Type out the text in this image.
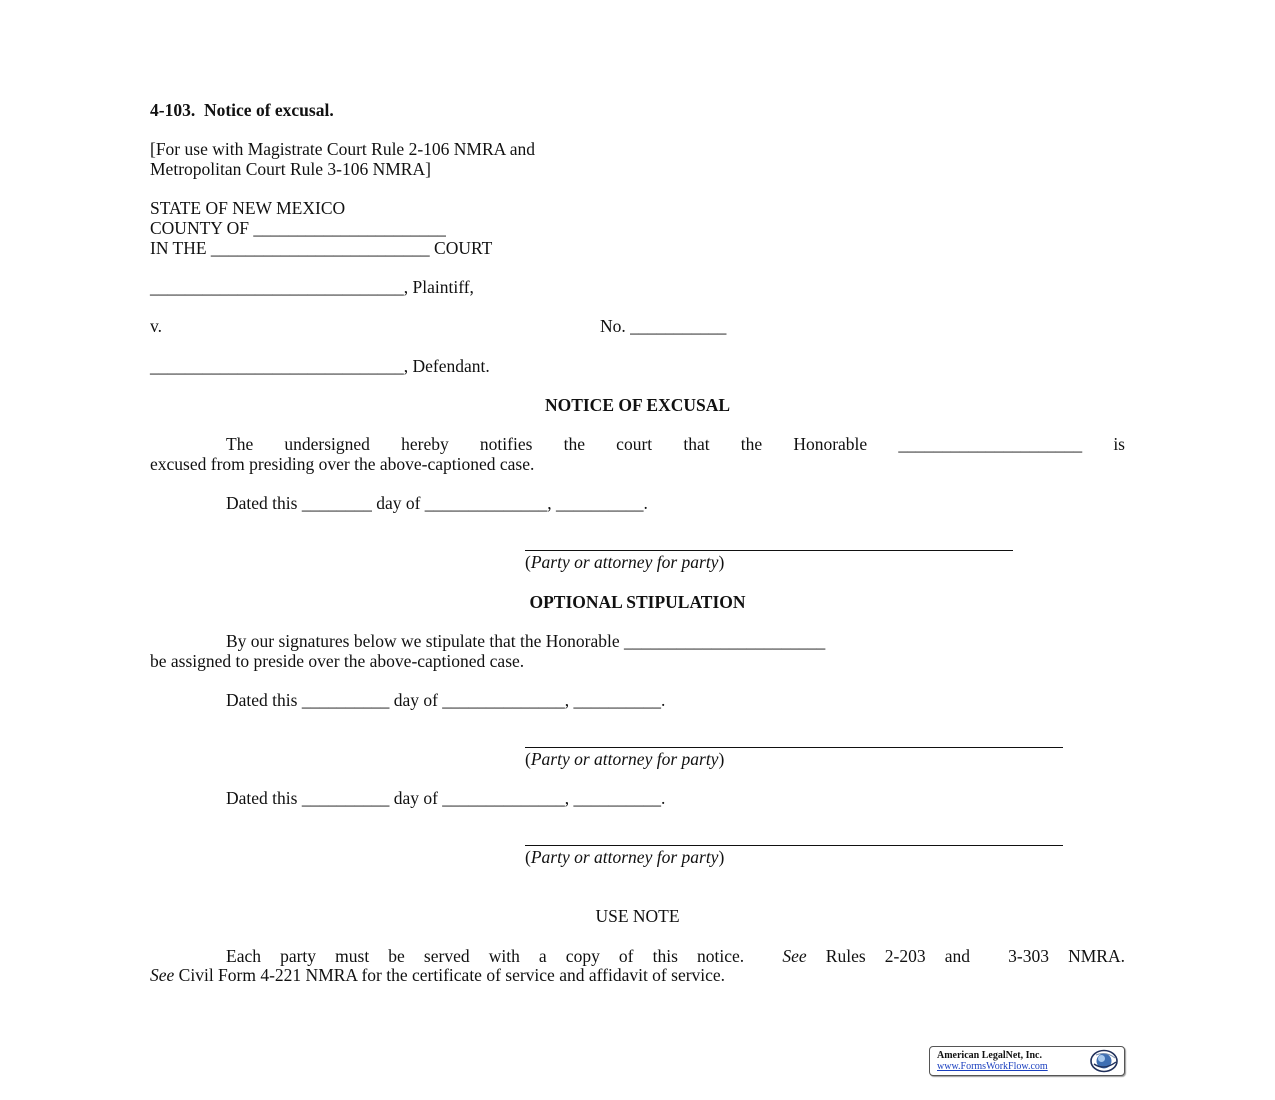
4-103.  Notice of excusal.
[For use with Magistrate Court Rule 2-106 NMRA and
Metropolitan Court Rule 3-106 NMRA]
STATE OF NEW MEXICO
COUNTY OF ______________________
IN THE _________________________ COURT
_____________________________, Plaintiff,
v.	No. ___________
_____________________________, Defendant.
NOTICE OF EXCUSAL
The undersigned hereby notifies the court that the Honorable _____________________ is
excused from presiding over the above-captioned case.
Dated this ________ day of ______________, __________.
(Party or attorney for party)
OPTIONAL STIPULATION
By our signatures below we stipulate that the Honorable _______________________
be assigned to preside over the above-captioned case.
Dated this __________ day of ______________, __________.
(Party or attorney for party)
Dated this __________ day of ______________, __________.
(Party or attorney for party)
USE NOTE
Each party must be served with a copy of this notice.  See Rules 2-203 and  3-303 NMRA.
See Civil Form 4-221 NMRA for the certificate of service and affidavit of service.
American LegalNet, Inc.
www.FormsWorkFlow.com
